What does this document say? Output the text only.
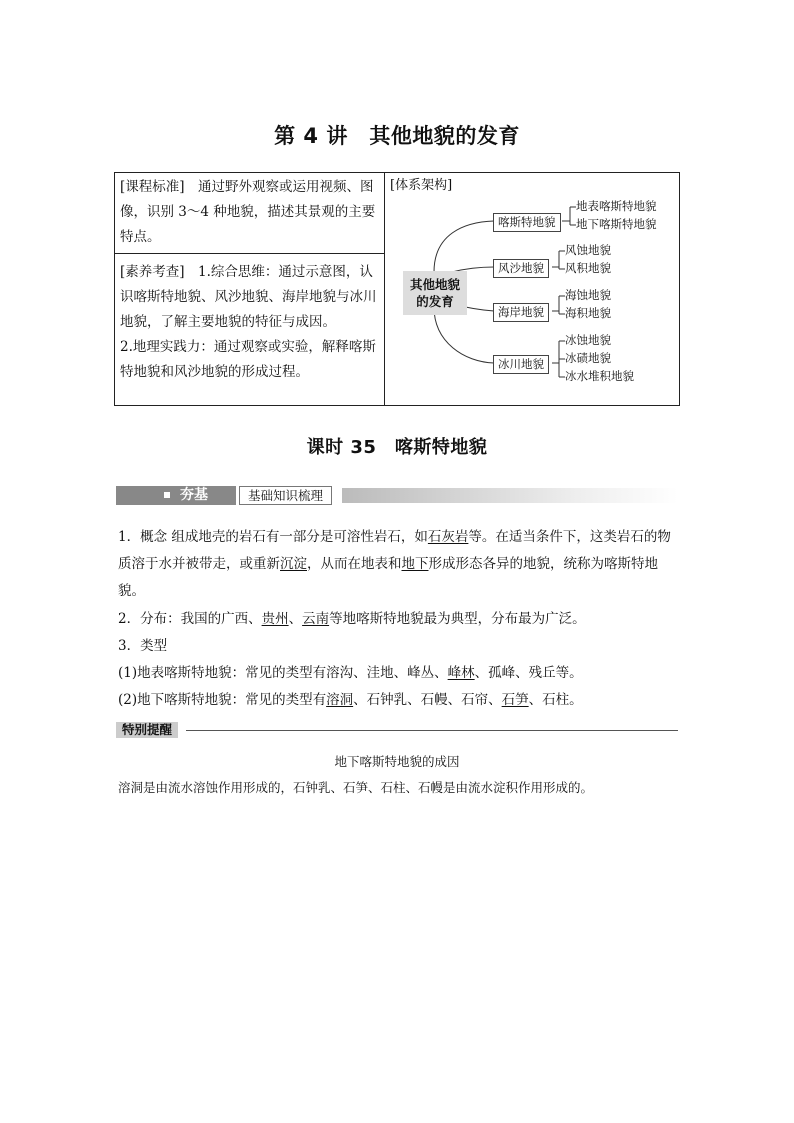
第 4 讲　其他地貌的发育
[课程标准]　通过野外观察或运用视频、图像，识别 3～4 种地貌，描述其景观的主要特点。
[素养考查]　1.综合思维：通过示意图，认识喀斯特地貌、风沙地貌、海岸地貌与冰川地貌，了解主要地貌的特征与成因。
2.地理实践力：通过观察或实验，解释喀斯特地貌和风沙地貌的形成过程。
[体系架构]
其他地貌
的发育
喀斯特地貌
风沙地貌
海岸地貌
冰川地貌
地表喀斯特地貌
地下喀斯特地貌
风蚀地貌
风积地貌
海蚀地貌
海积地貌
冰蚀地貌
冰碛地貌
冰水堆积地貌
课时 35　喀斯特地貌
夯基	基础知识梳理
1．概念 组成地壳的岩石有一部分是可溶性岩石，如石灰岩等。在适当条件下，这类岩石的物质溶于水并被带走，或重新沉淀，从而在地表和地下形成形态各异的地貌，统称为喀斯特地貌。
2．分布：我国的广西、贵州、云南等地喀斯特地貌最为典型，分布最为广泛。
3．类型
(1)地表喀斯特地貌：常见的类型有溶沟、洼地、峰丛、峰林、孤峰、残丘等。
(2)地下喀斯特地貌：常见的类型有溶洞、石钟乳、石幔、石帘、石笋、石柱。
特别提醒
地下喀斯特地貌的成因
溶洞是由流水溶蚀作用形成的，石钟乳、石笋、石柱、石幔是由流水淀积作用形成的。
